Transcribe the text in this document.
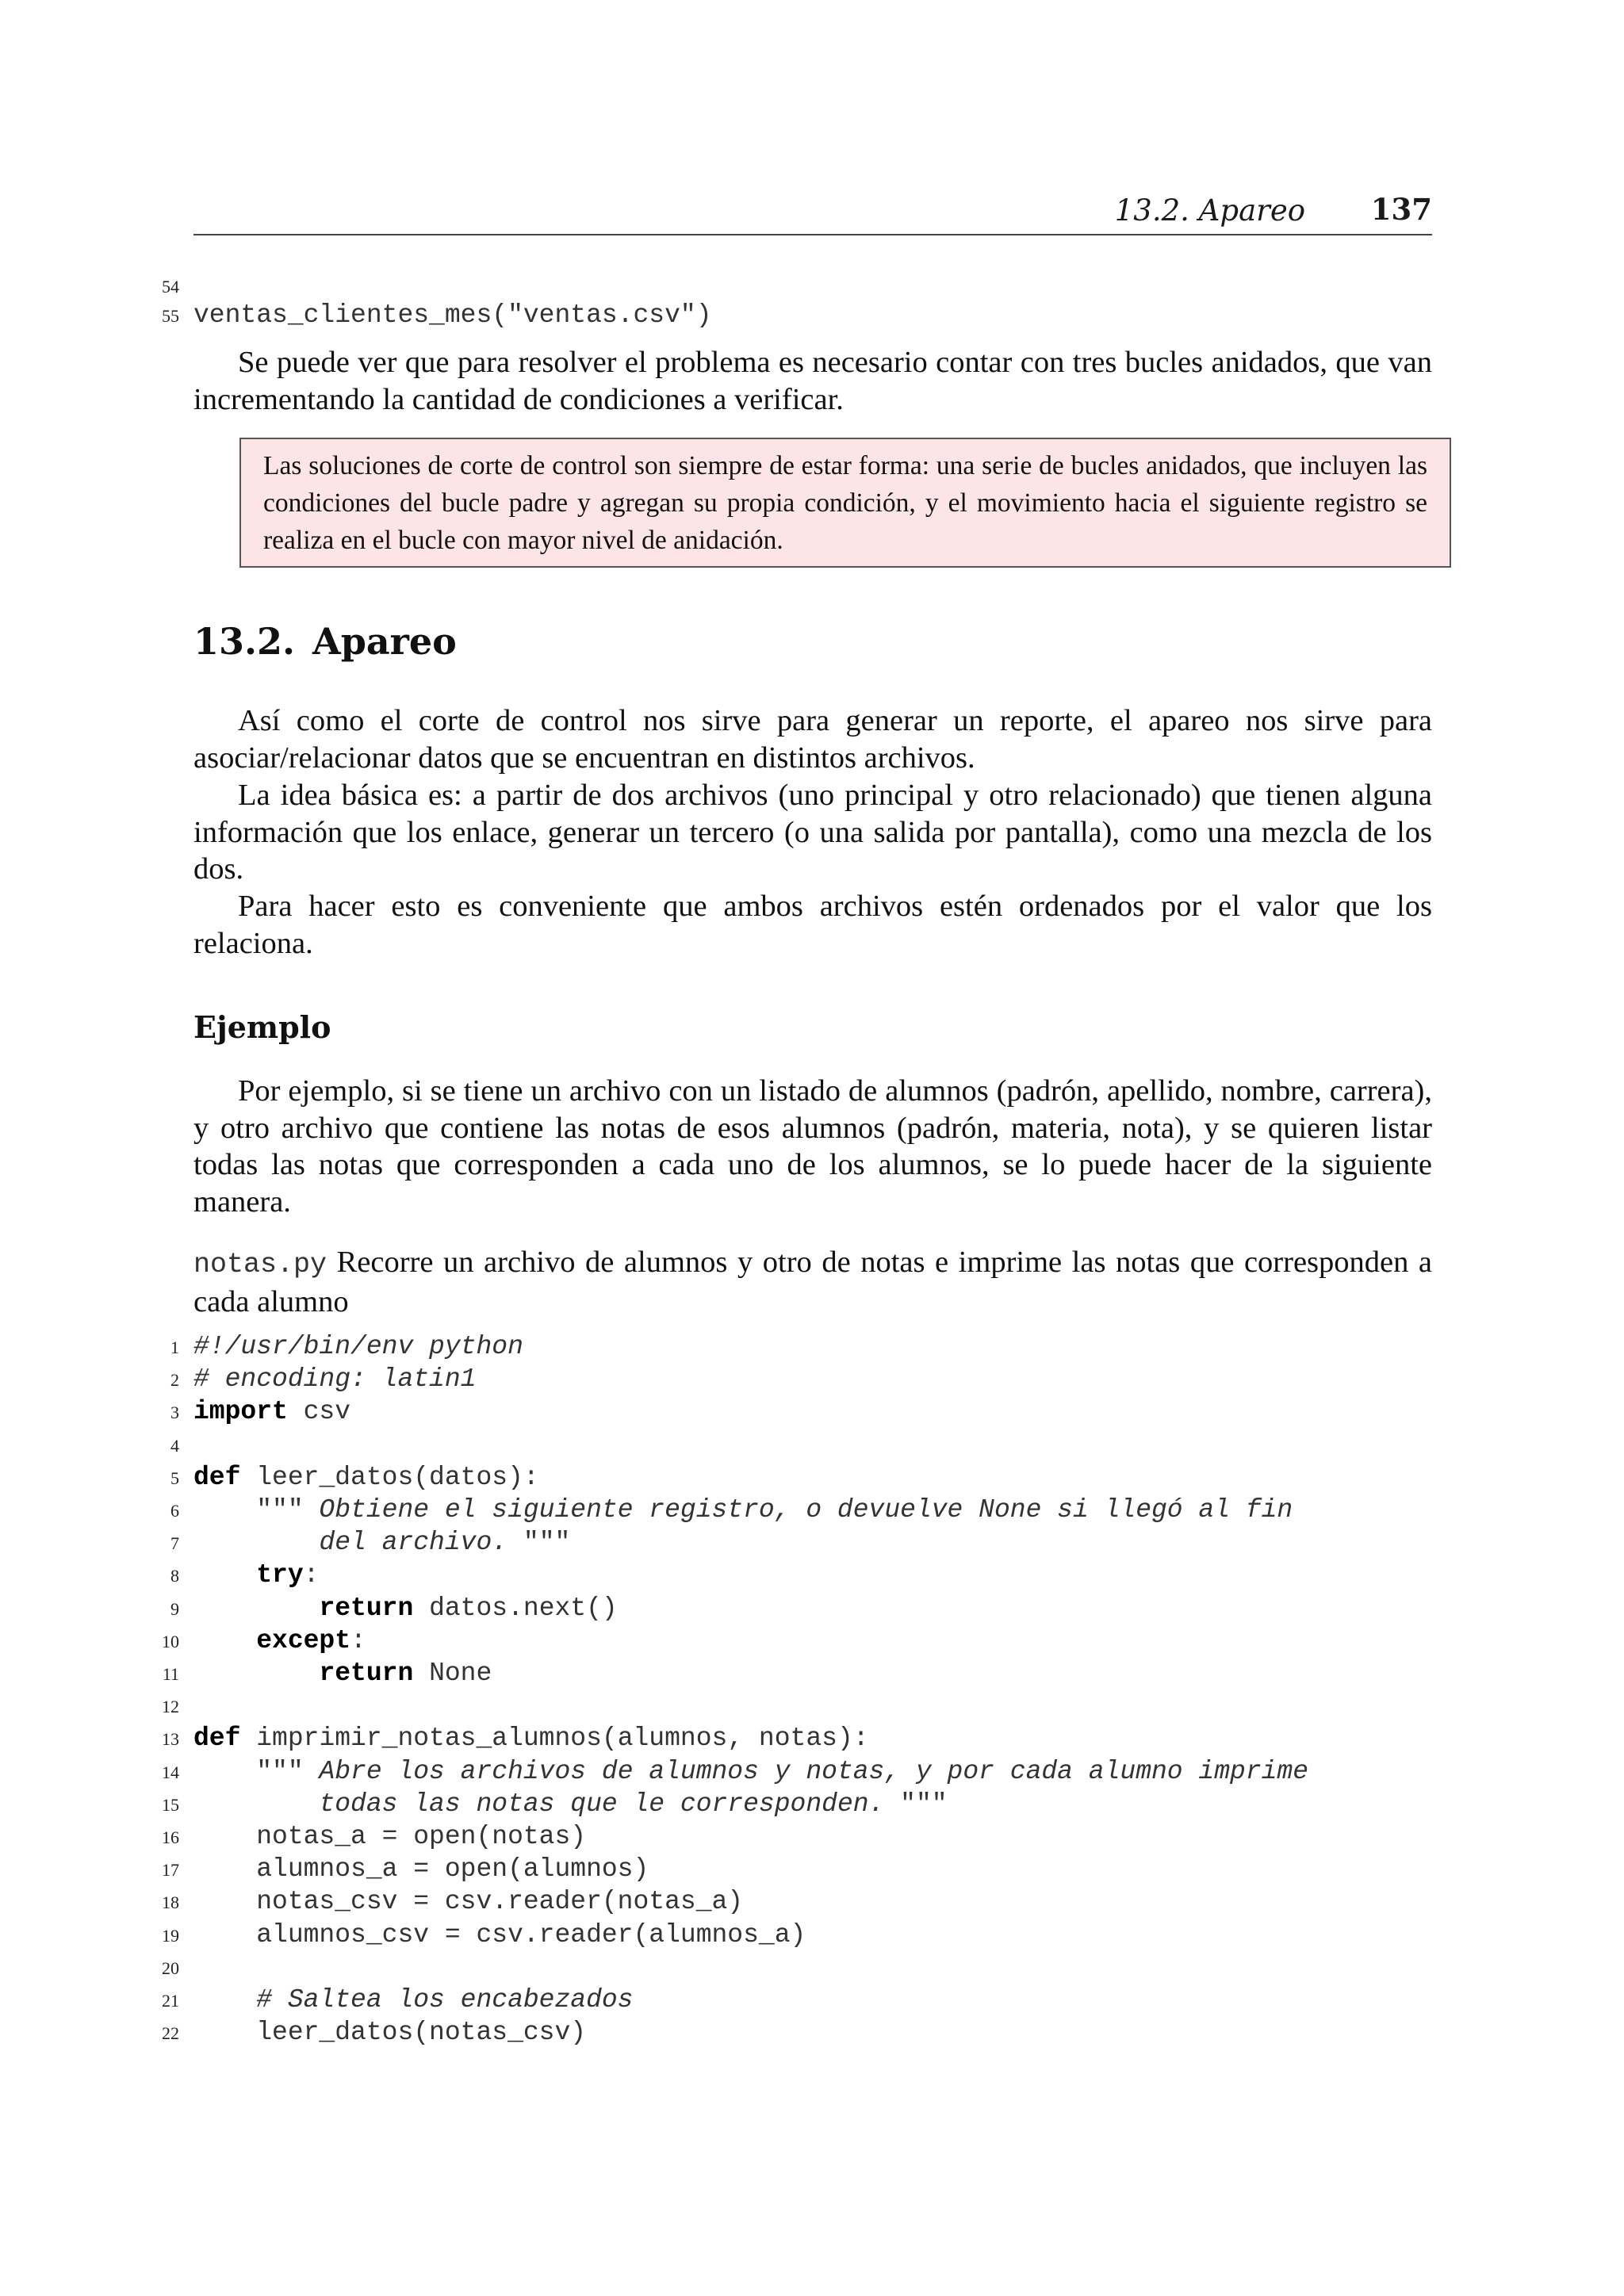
13.2. Apareo 137
54
55 ventas_clientes_mes("ventas.csv")

Se puede ver que para resolver el problema es necesario contar con tres bucles anidados, que van incrementando la cantidad de condiciones a verificar.

Las soluciones de corte de control son siempre de estar forma: una serie de bucles anidados, que incluyen las condiciones del bucle padre y agregan su propia condición, y el movimiento hacia el siguiente registro se realiza en el bucle con mayor nivel de anidación.
13.2. Apareo

Así como el corte de control nos sirve para generar un reporte, el apareo nos sirve para asociar/relacionar datos que se encuentran en distintos archivos.

La idea básica es: a partir de dos archivos (uno principal y otro relacionado) que tienen alguna información que los enlace, generar un tercero (o una salida por pantalla), como una mezcla de los dos.

Para hacer esto es conveniente que ambos archivos estén ordenados por el valor que los relaciona.

Ejemplo

Por ejemplo, si se tiene un archivo con un listado de alumnos (padrón, apellido, nombre, carrera), y otro archivo que contiene las notas de esos alumnos (padrón, materia, nota), y se quieren listar todas las notas que corresponden a cada uno de los alumnos, se lo puede hacer de la siguiente manera.

notas.py Recorre un archivo de alumnos y otro de notas e imprime las notas que corresponden a cada alumno
1 #!/usr/bin/env python
2 # encoding: latin1
3 import csv
4
5 def leer_datos(datos):
6 """ Obtiene el siguiente registro, o devuelve None si llegó al fin
7	del archivo. """
8	try:
9	return datos.next()
10	except:
11	return None
12
13 def imprimir_notas_alumnos(alumnos, notas):
14 """ Abre los archivos de alumnos y notas, y por cada alumno imprime
15	todas las notas que le corresponden. """
16 notas_a = open(notas)
17 alumnos_a = open(alumnos)
18 notas_csv = csv.reader(notas_a)
19 alumnos_csv = csv.reader(alumnos_a)
20
21 # Saltea los encabezados
22 leer_datos(notas_csv)
